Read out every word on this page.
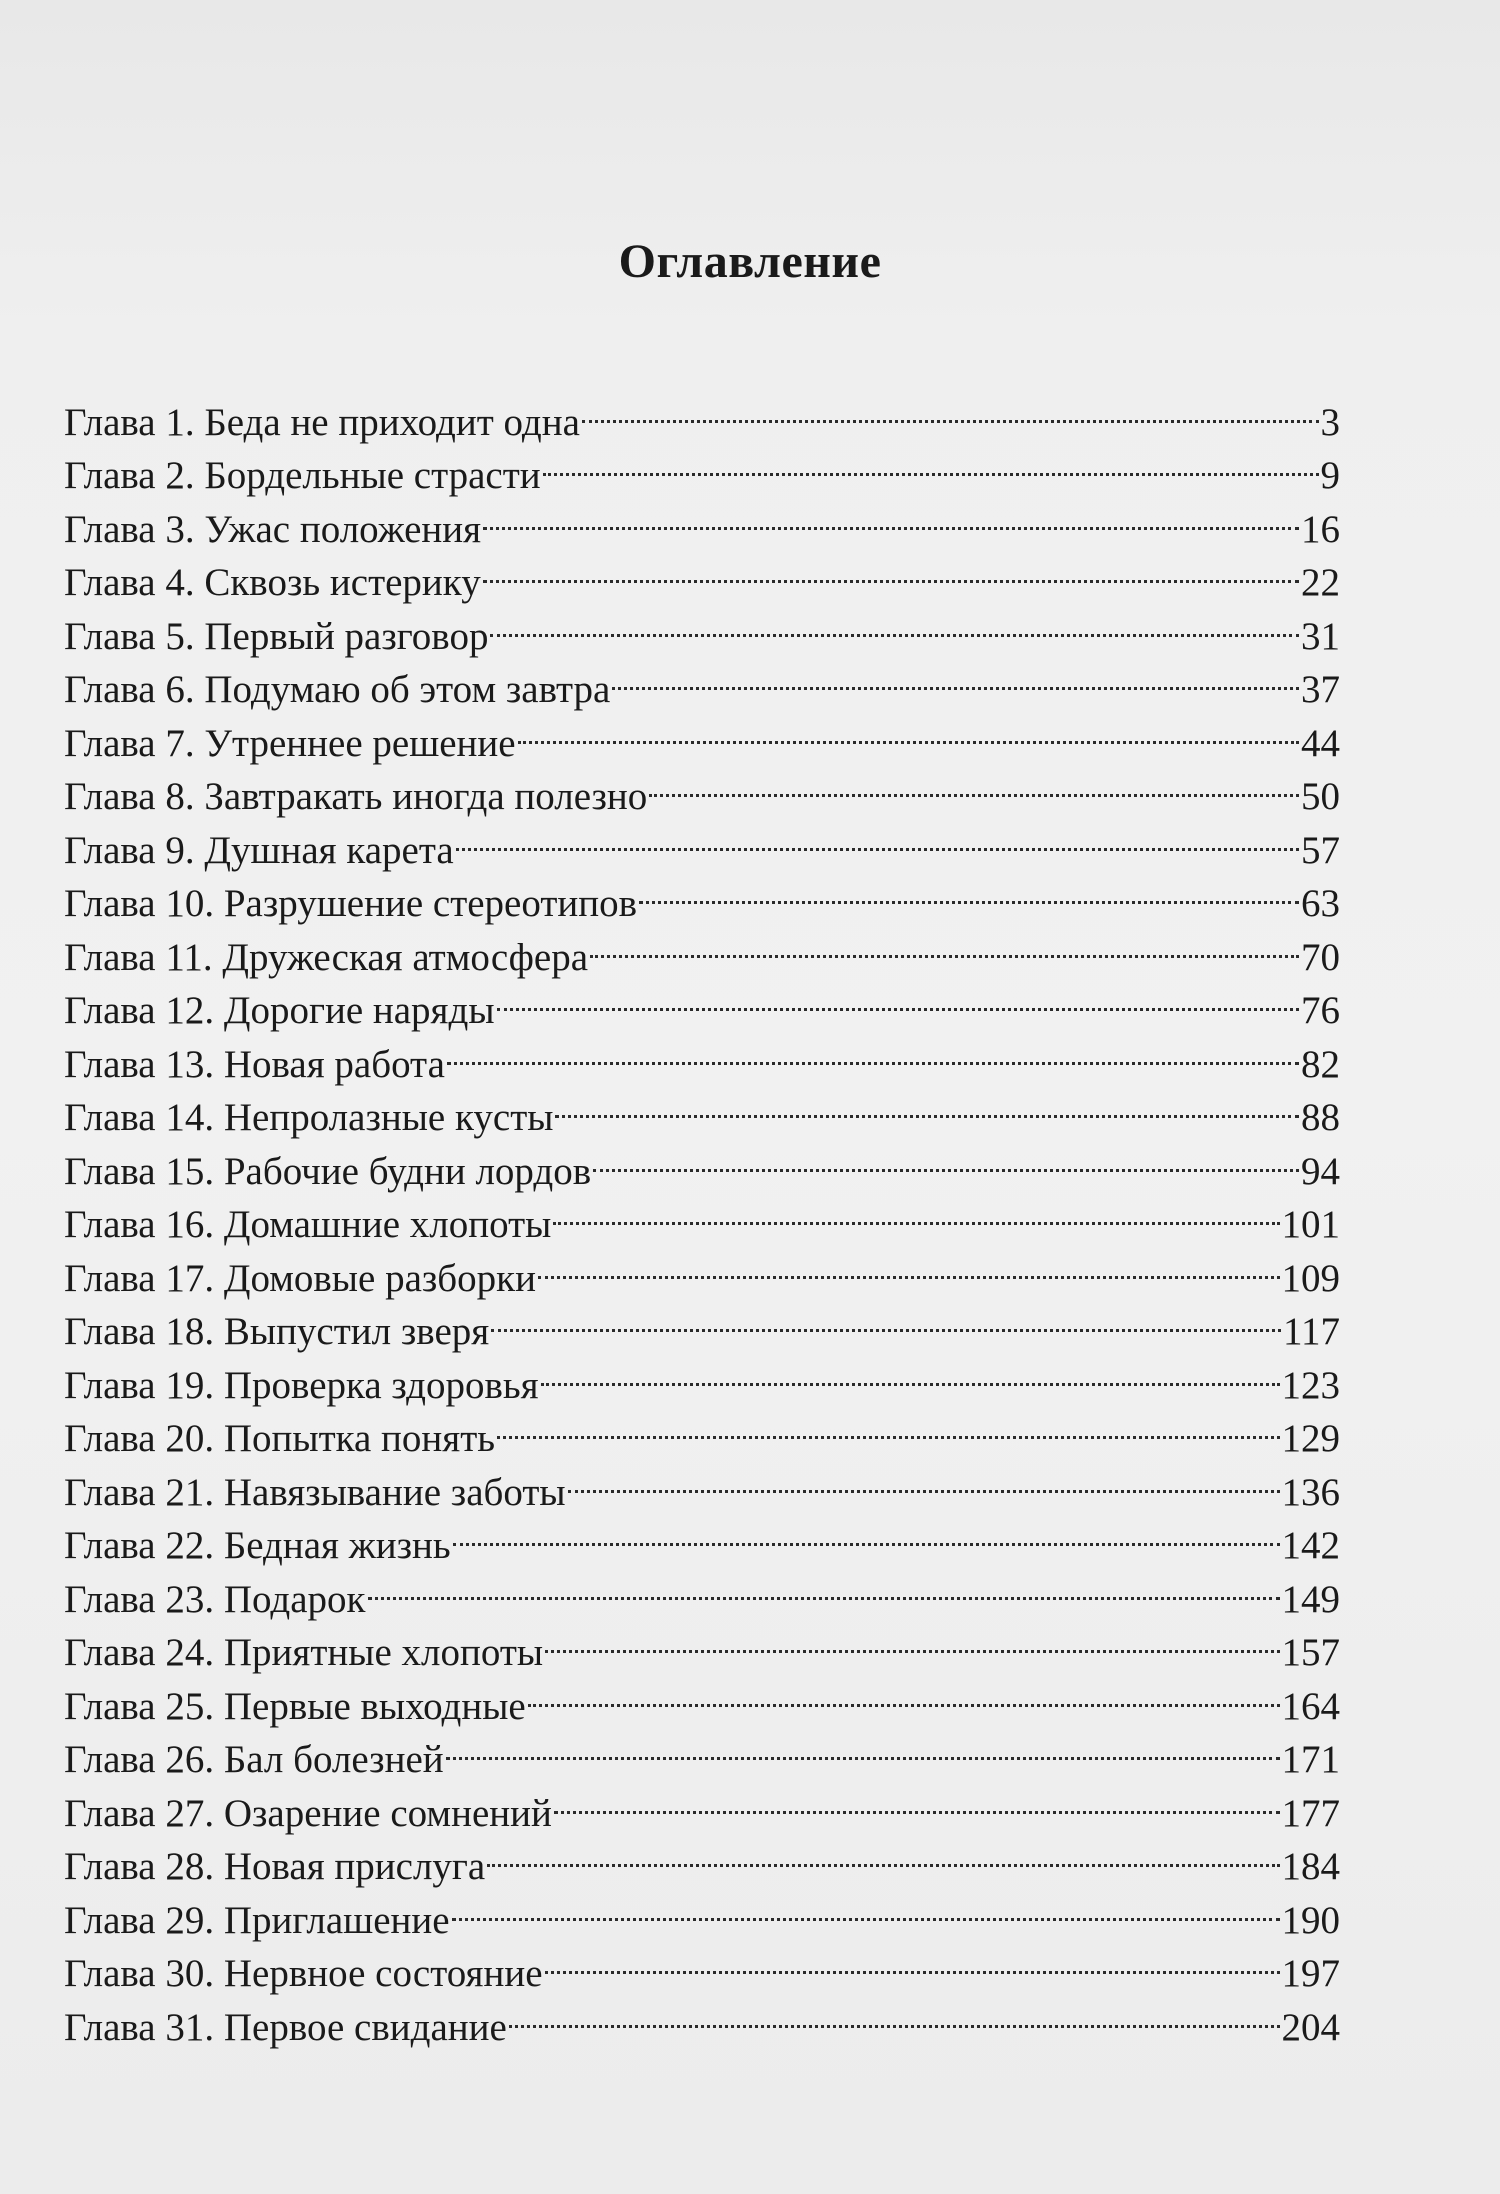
Оглавление
Глава 1. Беда не приходит одна	3
Глава 2. Бордельные страсти	9
Глава 3. Ужас положения	16
Глава 4. Сквозь истерику	22
Глава 5. Первый разговор	31
Глава 6. Подумаю об этом завтра	37
Глава 7. Утреннее решение	44
Глава 8. Завтракать иногда полезно	50
Глава 9. Душная карета	57
Глава 10. Разрушение стереотипов	63
Глава 11. Дружеская атмосфера	70
Глава 12. Дорогие наряды	76
Глава 13. Новая работа	82
Глава 14. Непролазные кусты	88
Глава 15. Рабочие будни лордов	94
Глава 16. Домашние хлопоты	101
Глава 17. Домовые разборки	109
Глава 18. Выпустил зверя	117
Глава 19. Проверка здоровья	123
Глава 20. Попытка понять	129
Глава 21. Навязывание заботы	136
Глава 22. Бедная жизнь	142
Глава 23. Подарок	149
Глава 24. Приятные хлопоты	157
Глава 25. Первые выходные	164
Глава 26. Бал болезней	171
Глава 27. Озарение сомнений	177
Глава 28. Новая прислуга	184
Глава 29. Приглашение	190
Глава 30. Нервное состояние	197
Глава 31. Первое свидание	204
